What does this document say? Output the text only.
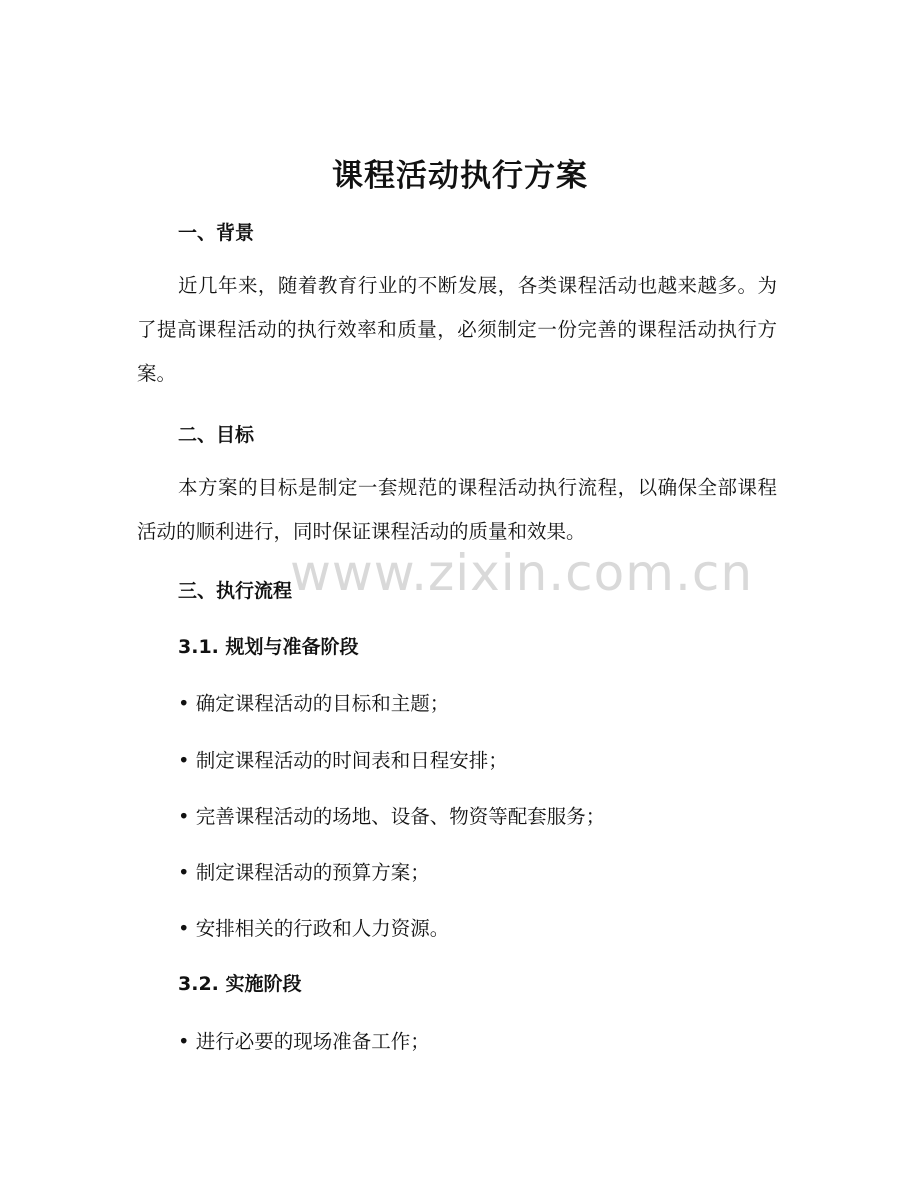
课程活动执行方案
一、背景

近几年来，随着教育行业的不断发展，各类课程活动也越来越多。为了提高课程活动的执行效率和质量，必须制定一份完善的课程活动执行方案。

二、目标

本方案的目标是制定一套规范的课程活动执行流程，以确保全部课程活动的顺利进行，同时保证课程活动的质量和效果。

三、执行流程
3.1. 规划与准备阶段
• 确定课程活动的目标和主题；
• 制定课程活动的时间表和日程安排；
• 完善课程活动的场地、设备、物资等配套服务；
• 制定课程活动的预算方案；
• 安排相关的行政和人力资源。
3.2. 实施阶段
• 进行必要的现场准备工作；
www.zixin.com.cn
